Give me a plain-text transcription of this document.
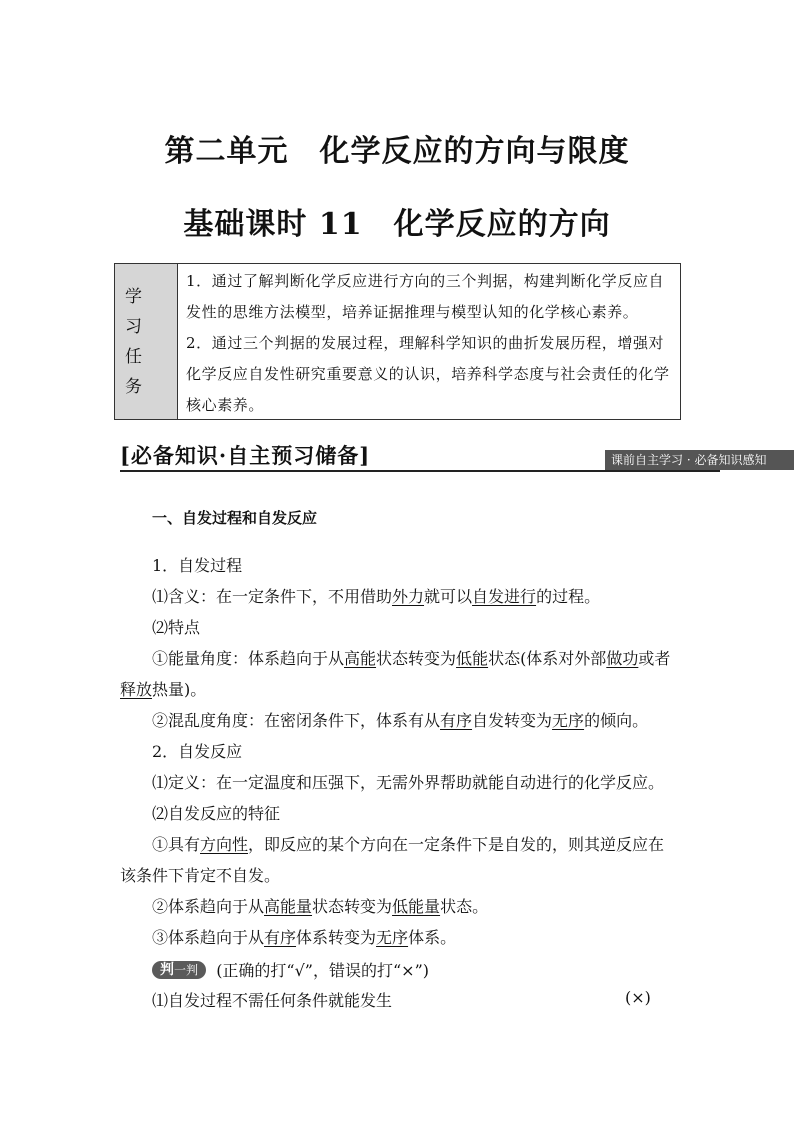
第二单元　化学反应的方向与限度
基础课时 11　化学反应的方向
学习
任务

1．通过了解判断化学反应进行方向的三个判据，构建判断化学反应自发性的思维方法模型，培养证据推理与模型认知的化学核心素养。

2．通过三个判据的发展过程，理解科学知识的曲折发展历程，增强对化学反应自发性研究重要意义的认识，培养科学态度与社会责任的化学核心素养。

[必备知识·自主预习储备]	课前自主学习 · 必备知识感知
一、自发过程和自发反应
1．自发过程
⑴含义：在一定条件下，不用借助外力就可以自发进行的过程。
⑵特点
①能量角度：体系趋向于从高能状态转变为低能状态(体系对外部做功或者
释放热量)。
②混乱度角度：在密闭条件下，体系有从有序自发转变为无序的倾向。
2．自发反应
⑴定义：在一定温度和压强下，无需外界帮助就能自动进行的化学反应。
⑵自发反应的特征
①具有方向性，即反应的某个方向在一定条件下是自发的，则其逆反应在
该条件下肯定不自发。
②体系趋向于从高能量状态转变为低能量状态。
③体系趋向于从有序体系转变为无序体系。
判一判 (正确的打“√”，错误的打“×”)
⑴自发过程不需任何条件就能发生	(×)
